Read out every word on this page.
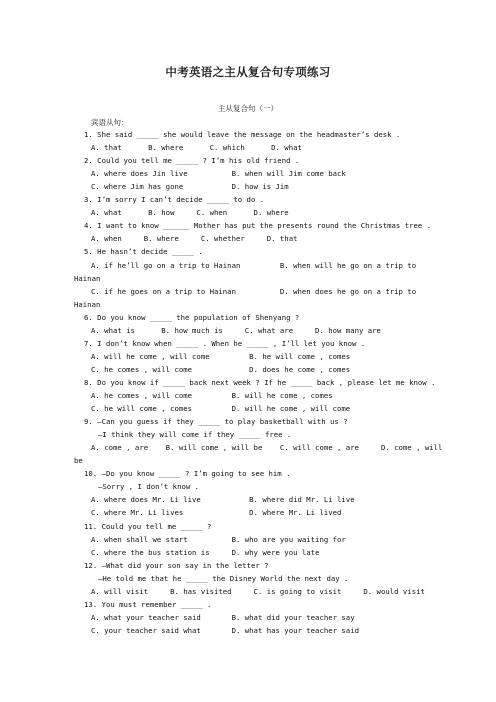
中考英语之主从复合句专项练习
主从复合句（一）
宾语从句：
1. She said _____ she would leave the message on the headmaster’s desk .
A. that      B. where      C. which      D. what
2. Could you tell me _____ ? I’m his old friend .
A. where does Jin live          B. when will Jim come back
C. where Jim has gone           D. how is Jim
3. I’m sorry I can’t decide _____ to do .
A. what      B. how     C. when      D. where
4. I want to know ______ Mother has put the presents round the Christmas tree .
A. when     B. where     C. whether     D. that
5. He hasn’t decide _____ .
A. if he’ll go on a trip to Hainan         B. when will he go on a trip to
Hainan
C. if he goes on a trip to Hainan          D. when does he go on a trip to
Hainan
6. Do you know _____ the population of Shenyang ?
A. what is      B. how much is     C. what are     D. how many are
7. I don’t know when _____ . When he _____ , I’ll let you know .
A. will he come , will come         B. he will come , comes
C. he comes , will come             D. does he come , comes
8. Do you know if _____ back next week ? If he _____ back , please let me know .
A. he comes , will come         B. will he come , comes
C. he will come , comes         D. will he come , will come
9. —Can you guess if they _____ to play basketball with us ?
—I think they will come if they _____ free .
A. come , are    B. will come , will be    C. will come , are     D. come , will
be
10. —Do you know _____ ? I’m going to see him .
—Sorry , I don’t know .
A. where does Mr. Li live           B. where did Mr. Li live
C. where Mr. Li lives               D. where Mr. Li lived
11. Could you tell me _____ ?
A. when shall we start          B. who are you waiting for
C. where the bus station is     D. why were you late
12. —What did your son say in the letter ?
—He told me that he _____ the Disney World the next day .
A. will visit     B. has visited     C. is going to visit     D. would visit
13. You must remember _____ .
A. what your teacher said       B. what did your teacher say
C. your teacher said what       D. what has your teacher said
